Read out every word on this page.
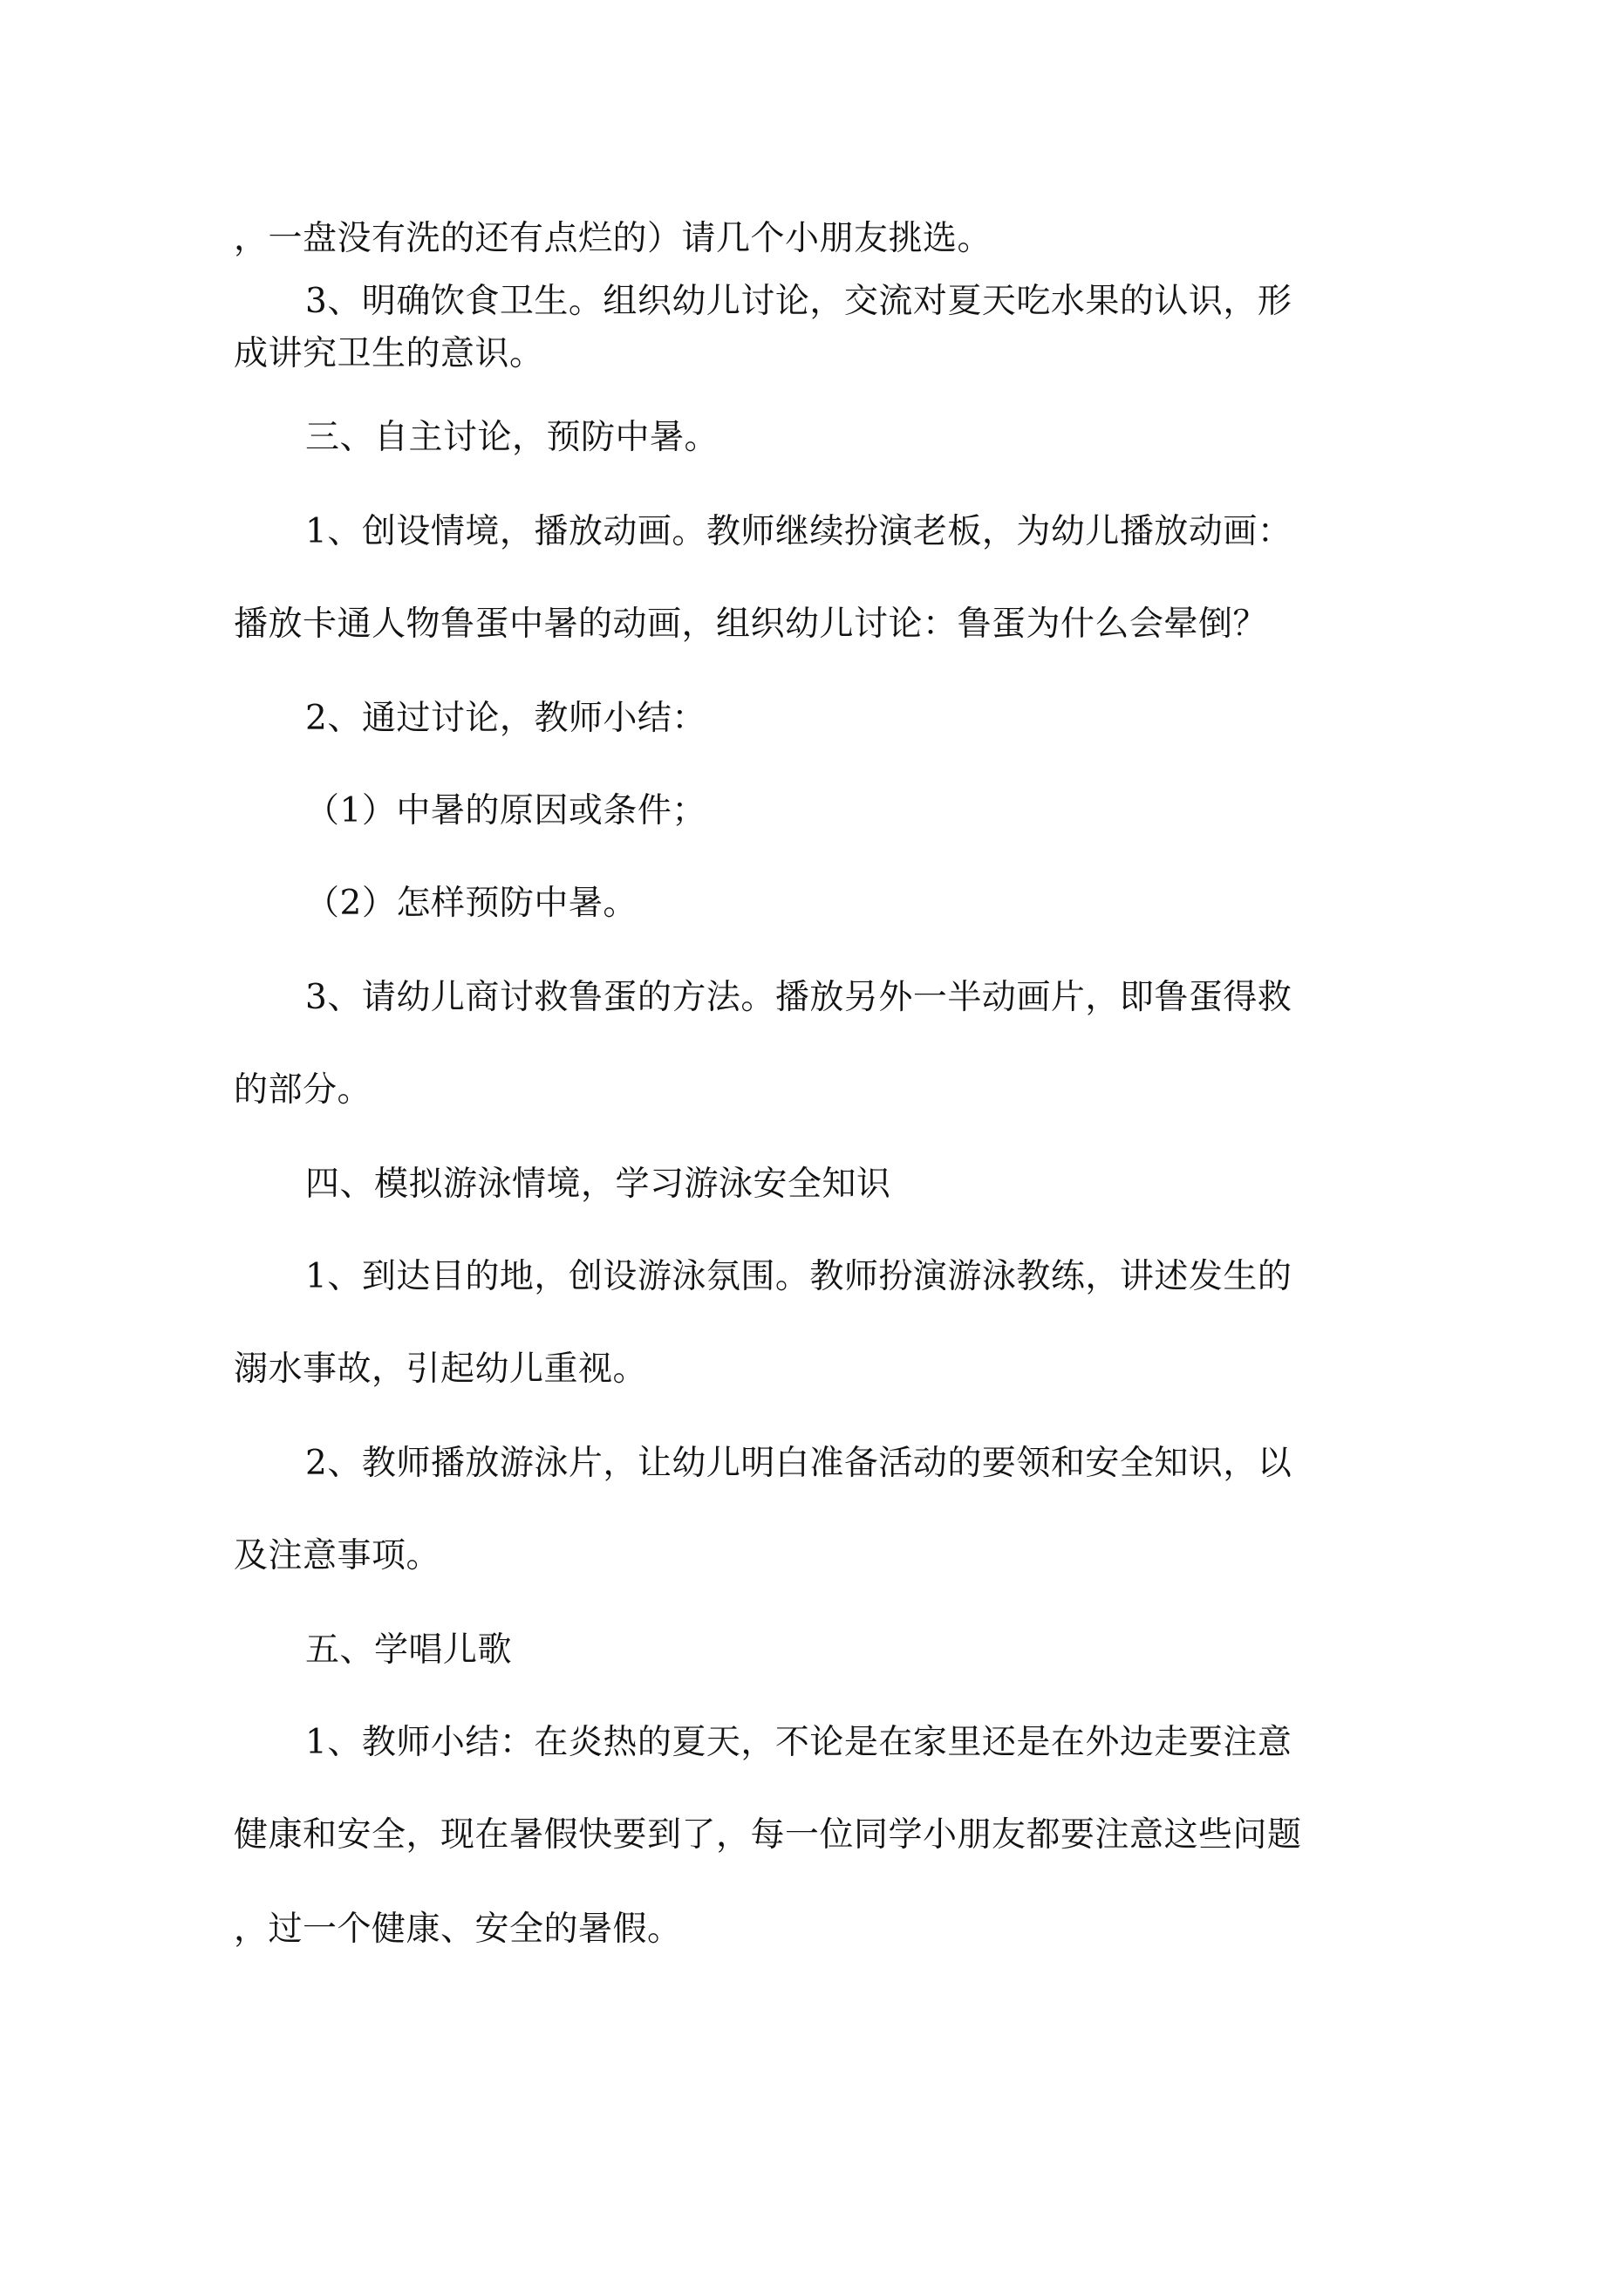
，一盘没有洗的还有点烂的）请几个小朋友挑选。
3、明确饮食卫生。组织幼儿讨论，交流对夏天吃水果的认识，形
成讲究卫生的意识。
三、自主讨论，预防中暑。
1、创设情境，播放动画。教师继续扮演老板，为幼儿播放动画：
播放卡通人物鲁蛋中暑的动画，组织幼儿讨论：鲁蛋为什么会晕倒？
2、通过讨论，教师小结：
（1）中暑的原因或条件；
（2）怎样预防中暑。
3、请幼儿商讨救鲁蛋的方法。播放另外一半动画片，即鲁蛋得救
的部分。
四、模拟游泳情境，学习游泳安全知识
1、到达目的地，创设游泳氛围。教师扮演游泳教练，讲述发生的
溺水事故，引起幼儿重视。
2、教师播放游泳片，让幼儿明白准备活动的要领和安全知识，以
及注意事项。
五、学唱儿歌
1、教师小结：在炎热的夏天，不论是在家里还是在外边走要注意
健康和安全，现在暑假快要到了，每一位同学小朋友都要注意这些问题
，过一个健康、安全的暑假。
